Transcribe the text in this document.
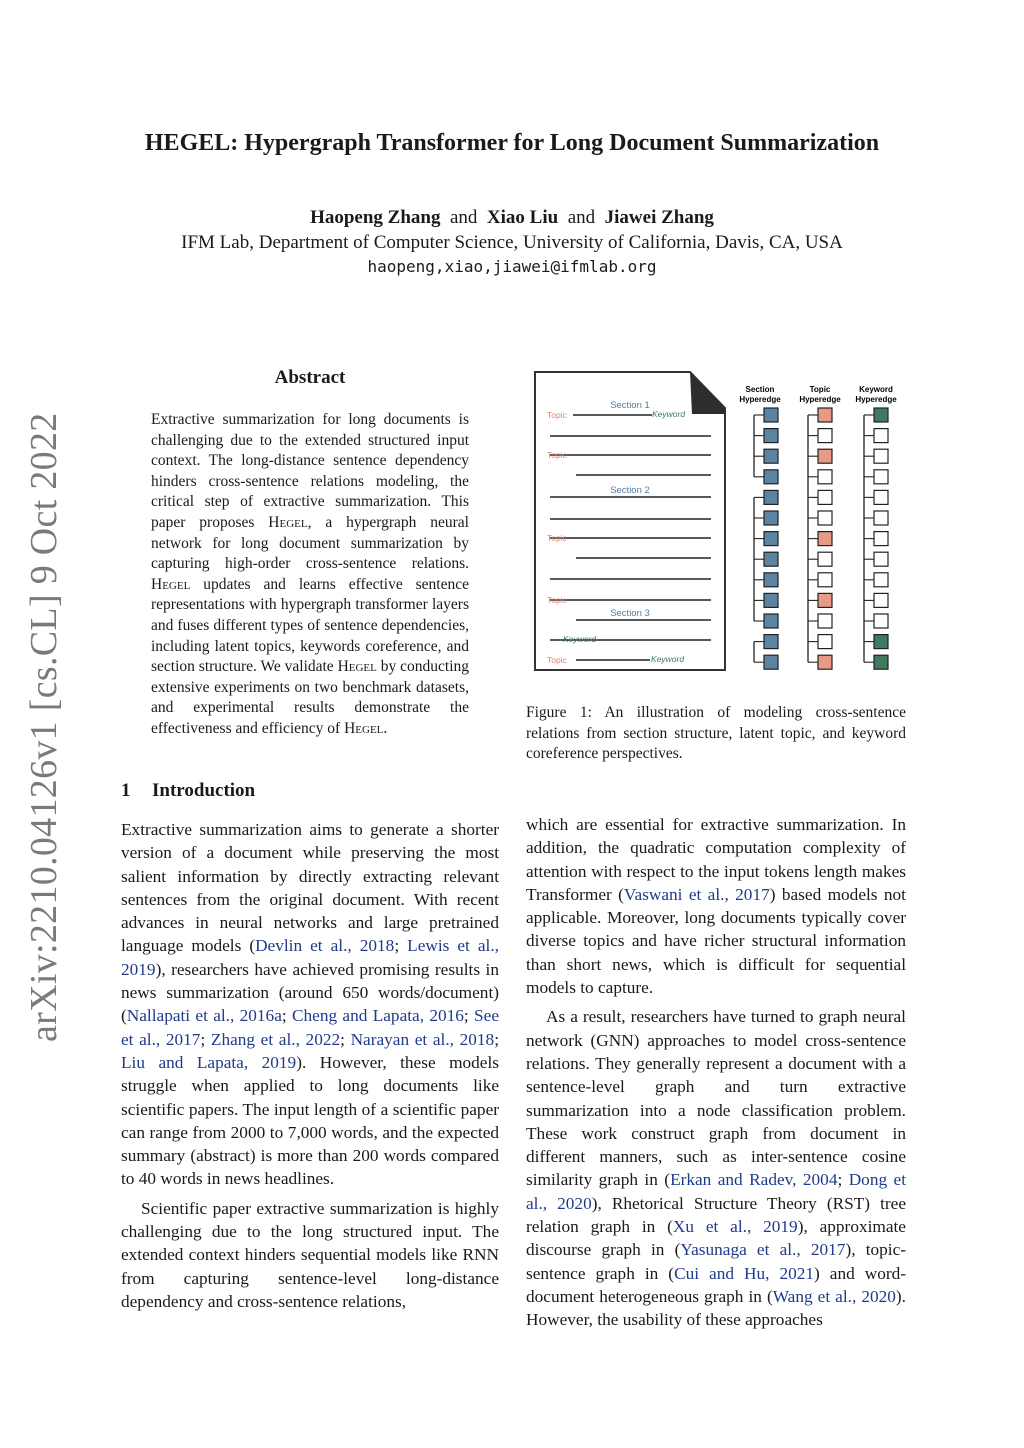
HEGEL: Hypergraph Transformer for Long Document Summarization
Haopeng Zhang and Xiao Liu and Jiawei Zhang
IFM Lab, Department of Computer Science, University of California, Davis, CA, USA
haopeng,xiao,jiawei@ifmlab.org
arXiv:2210.04126v1 [cs.CL] 9 Oct 2022
Abstract
Extractive summarization for long documents is challenging due to the extended structured input context. The long-distance sentence dependency hinders cross-sentence relations modeling, the critical step of extractive summarization. This paper proposes Hegel, a hypergraph neural network for long document summarization by capturing high-order cross-sentence relations. Hegel updates and learns effective sentence representations with hypergraph transformer layers and fuses different types of sentence dependencies, including latent topics, keywords coreference, and section structure. We validate Hegel by conducting extensive experiments on two benchmark datasets, and experimental results demonstrate the effectiveness and efficiency of Hegel.
Section 1
Section 2
Section 3
Topic
Topic
Topic
Topic
Topic
Keyword
Keyword
Keyword
Section
Hyperedge
Topic
Hyperedge
Keyword
Hyperedge
Figure 1: An illustration of modeling cross-sentence relations from section structure, latent topic, and keyword coreference perspectives.
1 Introduction

Extractive summarization aims to generate a shorter version of a document while preserving the most salient information by directly extracting relevant sentences from the original document. With recent advances in neural networks and large pretrained language models (Devlin et al., 2018; Lewis et al., 2019), researchers have achieved promising results in news summarization (around 650 words/document) (Nallapati et al., 2016a; Cheng and Lapata, 2016; See et al., 2017; Zhang et al., 2022; Narayan et al., 2018; Liu and Lapata, 2019). However, these models struggle when applied to long documents like scientific papers. The input length of a scientific paper can range from 2000 to 7,000 words, and the expected summary (abstract) is more than 200 words compared to 40 words in news headlines.

Scientific paper extractive summarization is highly challenging due to the long structured input. The extended context hinders sequential models like RNN from capturing sentence-level long-distance dependency and cross-sentence relations,

which are essential for extractive summarization. In addition, the quadratic computation complexity of attention with respect to the input tokens length makes Transformer (Vaswani et al., 2017) based models not applicable. Moreover, long documents typically cover diverse topics and have richer structural information than short news, which is difficult for sequential models to capture.

As a result, researchers have turned to graph neural network (GNN) approaches to model cross-sentence relations. They generally represent a document with a sentence-level graph and turn extractive summarization into a node classification problem. These work construct graph from document in different manners, such as inter-sentence cosine similarity graph in (Erkan and Radev, 2004; Dong et al., 2020), Rhetorical Structure Theory (RST) tree relation graph in (Xu et al., 2019), approximate discourse graph in (Yasunaga et al., 2017), topic-sentence graph in (Cui and Hu, 2021) and word-document heterogeneous graph in (Wang et al., 2020). However, the usability of these approaches
